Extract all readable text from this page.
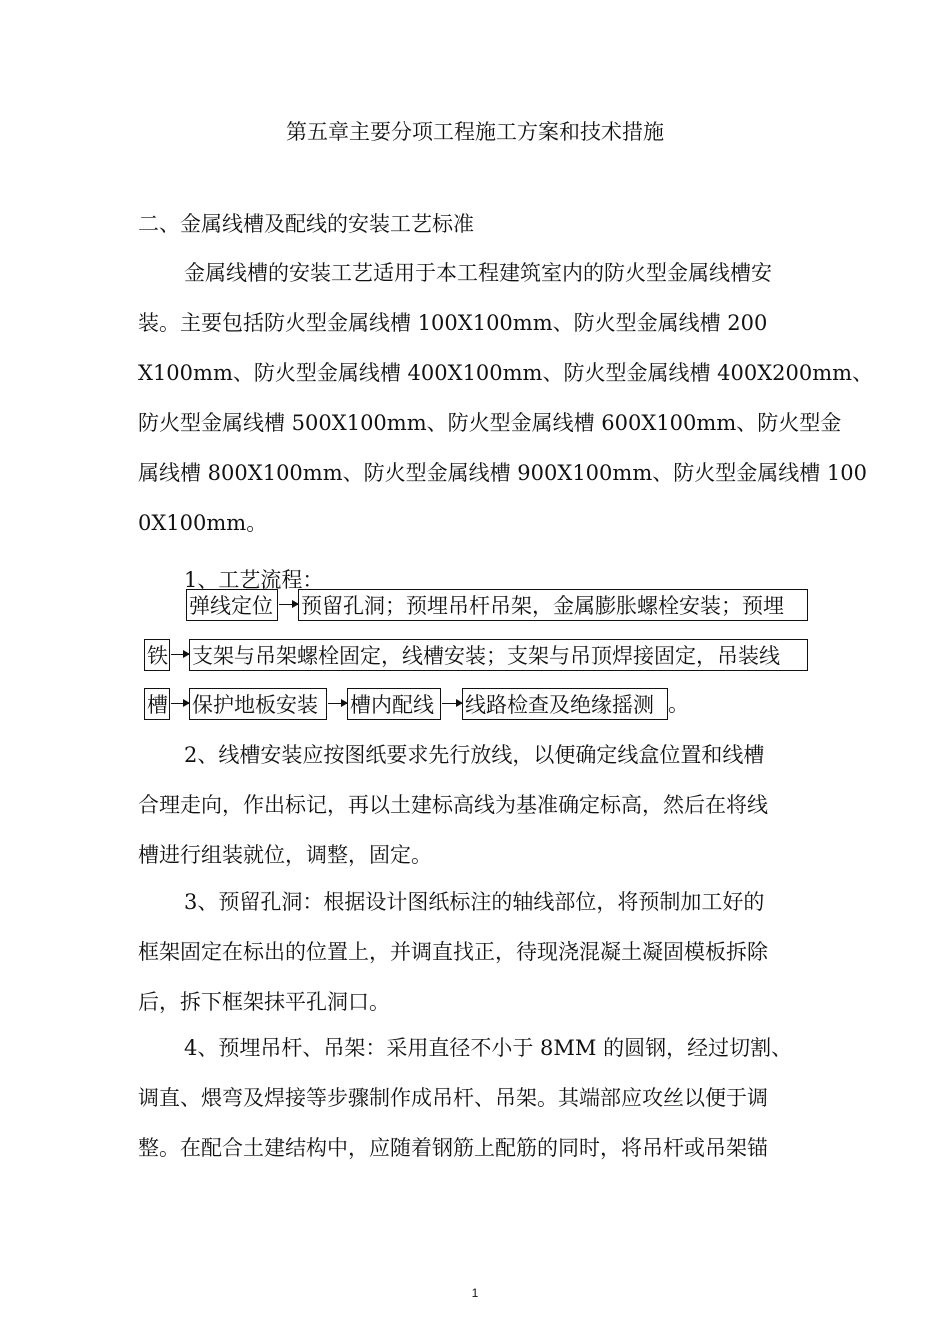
第五章主要分项工程施工方案和技术措施
二、金属线槽及配线的安装工艺标准
金属线槽的安装工艺适用于本工程建筑室内的防火型金属线槽安
装。主要包括防火型金属线槽 100X100mm、防火型金属线槽 200
X100mm、防火型金属线槽 400X100mm、防火型金属线槽 400X200mm、
防火型金属线槽 500X100mm、防火型金属线槽 600X100mm、防火型金
属线槽 800X100mm、防火型金属线槽 900X100mm、防火型金属线槽 100
0X100mm。
1、工艺流程：
弹线定位 预留孔洞；预埋吊杆吊架，金属膨胀螺栓安装；预埋
铁 支架与吊架螺栓固定，线槽安装；支架与吊顶焊接固定，吊装线
槽 保护地板安装	槽内配线	线路检查及绝缘摇测 。
2、线槽安装应按图纸要求先行放线，以便确定线盒位置和线槽
合理走向，作出标记，再以土建标高线为基准确定标高，然后在将线
槽进行组装就位，调整，固定。
3、预留孔洞：根据设计图纸标注的轴线部位，将预制加工好的
框架固定在标出的位置上，并调直找正，待现浇混凝土凝固模板拆除
后，拆下框架抹平孔洞口。
4、预埋吊杆、吊架：采用直径不小于 8MM 的圆钢，经过切割、
调直、煨弯及焊接等步骤制作成吊杆、吊架。其端部应攻丝以便于调
整。在配合土建结构中，应随着钢筋上配筋的同时，将吊杆或吊架锚
1
